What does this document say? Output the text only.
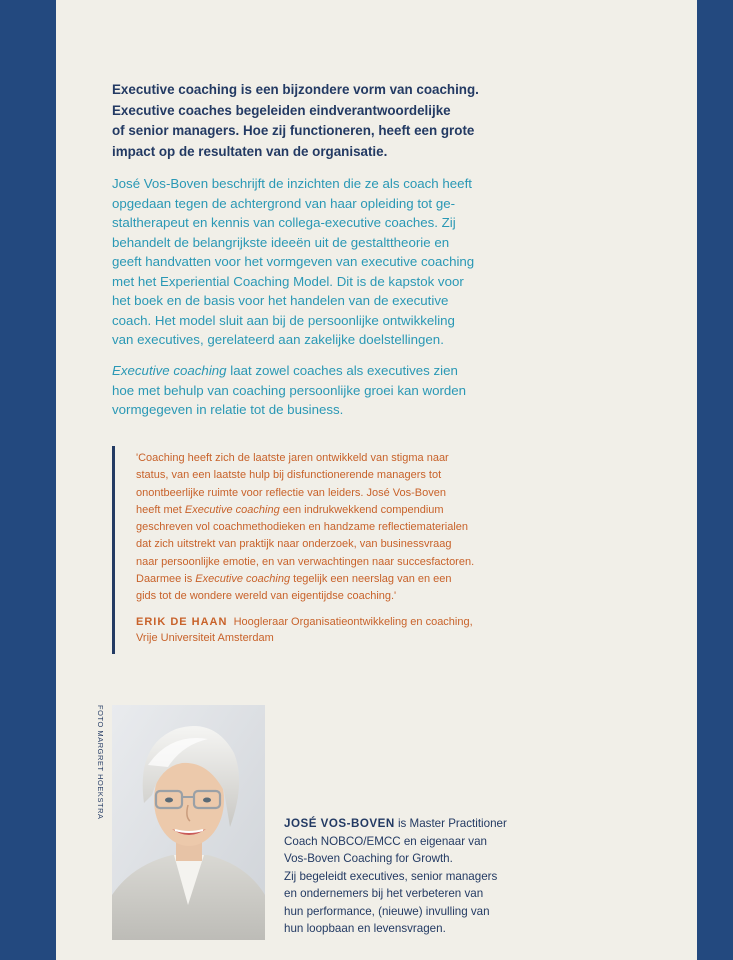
Executive coaching is een bijzondere vorm van coaching.
Executive coaches begeleiden eindverantwoordelijke
of senior managers. Hoe zij functioneren, heeft een grote
impact op de resultaten van de organisatie.

José Vos-Boven beschrijft de inzichten die ze als coach heeft
opgedaan tegen de achtergrond van haar opleiding tot ge-
staltherapeut en kennis van collega-executive coaches. Zij
behandelt de belangrijkste ideeën uit de gestalttheorie en
geeft handvatten voor het vormgeven van executive coaching
met het Experiential Coaching Model. Dit is de kapstok voor
het boek en de basis voor het handelen van de executive
coach. Het model sluit aan bij de persoonlijke ontwikkeling
van executives, gerelateerd aan zakelijke doelstellingen.

Executive coaching laat zowel coaches als executives zien
hoe met behulp van coaching persoonlijke groei kan worden
vormgegeven in relatie tot de business.

'Coaching heeft zich de laatste jaren ontwikkeld van stigma naar
status, van een laatste hulp bij disfunctionerende managers tot
onontbeerlijke ruimte voor reflectie van leiders. José Vos-Boven
heeft met Executive coaching een indrukwekkend compendium
geschreven vol coachmethodieken en handzame reflectiematerialen
dat zich uitstrekt van praktijk naar onderzoek, van businessvraag
naar persoonlijke emotie, en van verwachtingen naar succesfactoren.
Daarmee is Executive coaching tegelijk een neerslag van en een
gids tot de wondere wereld van eigentijdse coaching.'

ERIK DE HAAN Hoogleraar Organisatieontwikkeling en coaching,
Vrije Universiteit Amsterdam

FOTO MARGRET HOEKSTRA

JOSÉ VOS-BOVEN is Master Practitioner
Coach NOBCO/EMCC en eigenaar van
Vos-Boven Coaching for Growth.
Zij begeleidt executives, senior managers
en ondernemers bij het verbeteren van
hun performance, (nieuwe) invulling van
hun loopbaan en levensvragen.
